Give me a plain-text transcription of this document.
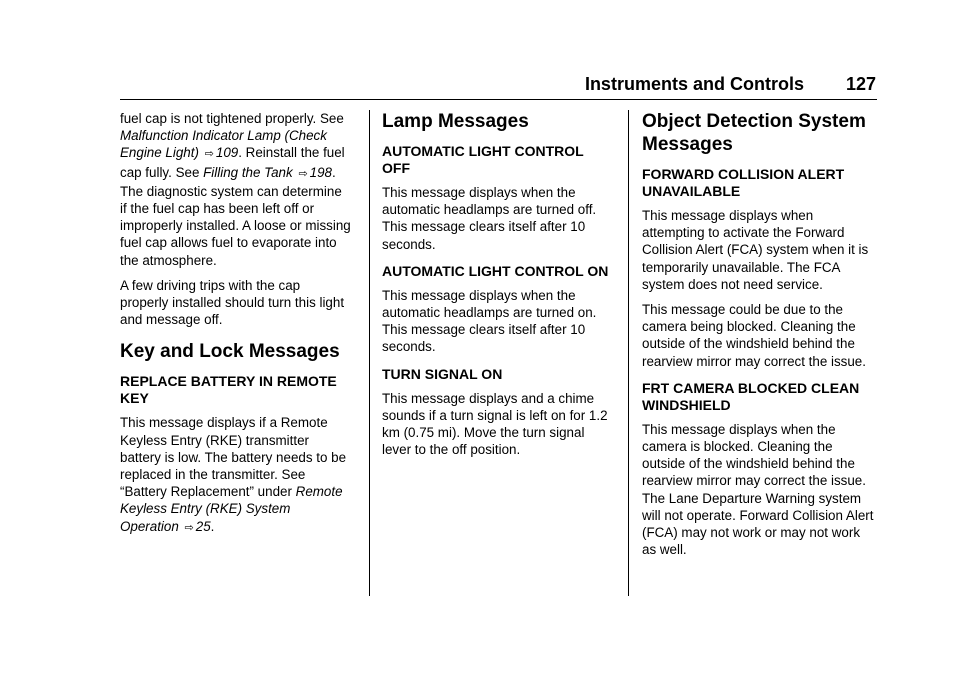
Instruments and Controls 127

fuel cap is not tightened properly. See Malfunction Indicator Lamp (Check Engine Light) ⇨ 109. Reinstall the fuel cap fully. See Filling the Tank ⇨ 198. The diagnostic system can determine if the fuel cap has been left off or improperly installed. A loose or missing fuel cap allows fuel to evaporate into the atmosphere.

A few driving trips with the cap properly installed should turn this light and message off.

Key and Lock Messages
REPLACE BATTERY IN REMOTE KEY

This message displays if a Remote Keyless Entry (RKE) transmitter battery is low. The battery needs to be replaced in the transmitter. See “Battery Replacement” under Remote Keyless Entry (RKE) System Operation ⇨ 25.

Lamp Messages
AUTOMATIC LIGHT CONTROL OFF

This message displays when the automatic headlamps are turned off. This message clears itself after 10 seconds.

AUTOMATIC LIGHT CONTROL ON

This message displays when the automatic headlamps are turned on. This message clears itself after 10 seconds.

TURN SIGNAL ON

This message displays and a chime sounds if a turn signal is left on for 1.2 km (0.75 mi). Move the turn signal lever to the off position.

Object Detection System Messages
FORWARD COLLISION ALERT UNAVAILABLE

This message displays when attempting to activate the Forward Collision Alert (FCA) system when it is temporarily unavailable. The FCA system does not need service.

This message could be due to the camera being blocked. Cleaning the outside of the windshield behind the rearview mirror may correct the issue.

FRT CAMERA BLOCKED CLEAN WINDSHIELD

This message displays when the camera is blocked. Cleaning the outside of the windshield behind the rearview mirror may correct the issue. The Lane Departure Warning system will not operate. Forward Collision Alert (FCA) may not work or may not work as well.
